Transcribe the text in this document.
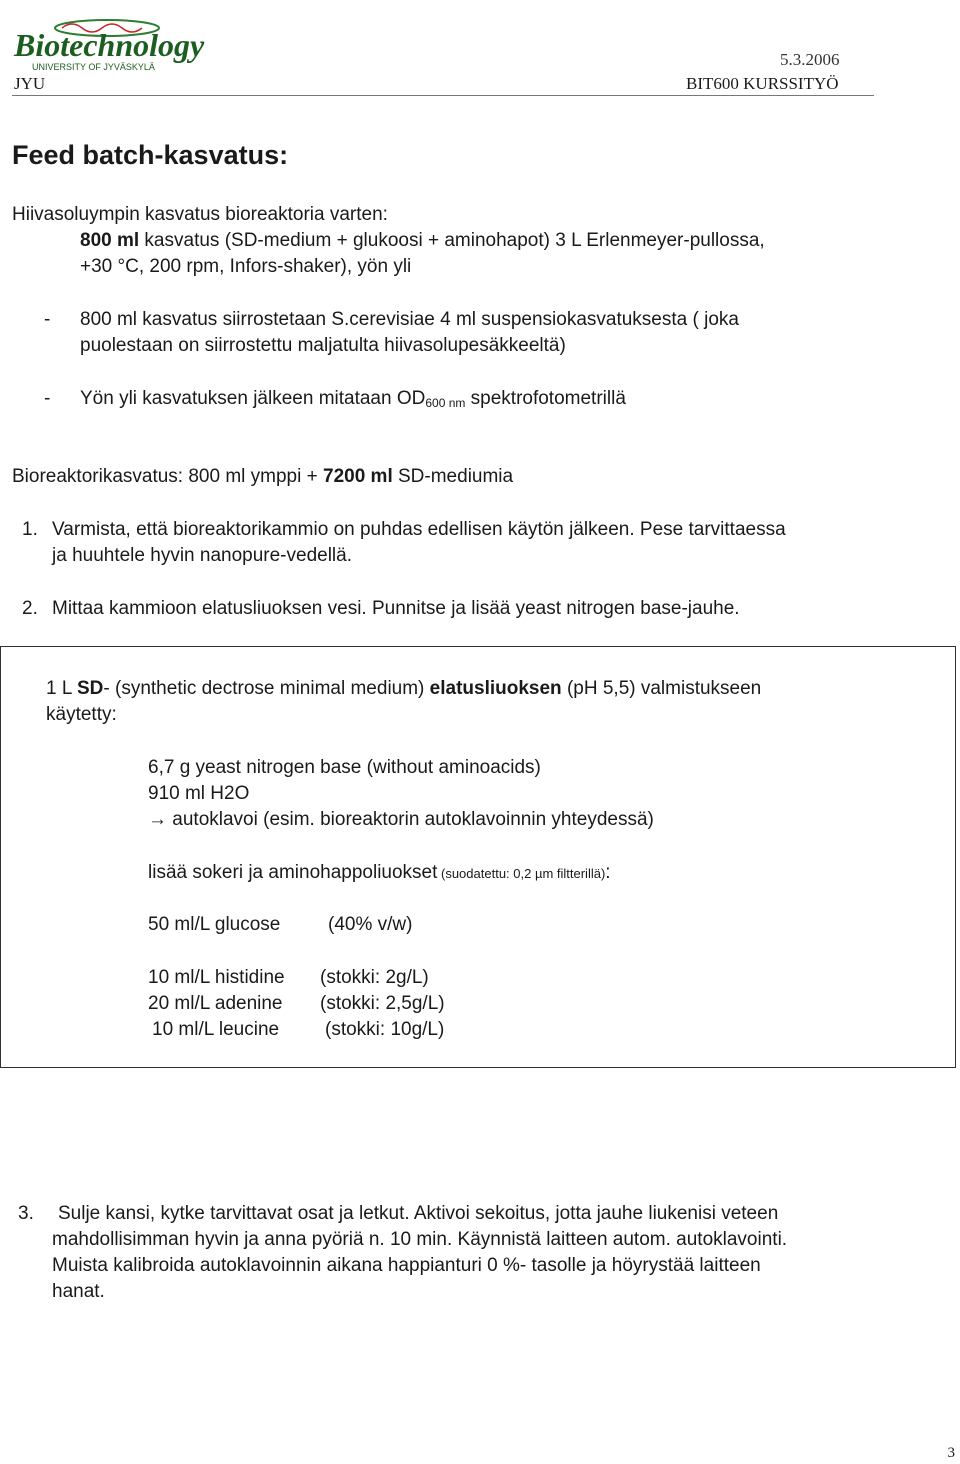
Biotechnology
UNIVERSITY OF JYVÄSKYLÄ
JYU
5.3.2006
BIT600 KURSSITYÖ
Feed batch-kasvatus:
Hiivasoluympin kasvatus bioreaktoria varten:
800 ml kasvatus (SD-medium + glukoosi + aminohapot) 3 L Erlenmeyer-pullossa,
+30 °C, 200 rpm, Infors-shaker), yön yli
- 800 ml kasvatus siirrostetaan S.cerevisiae 4 ml suspensiokasvatuksesta ( joka
puolestaan on siirrostettu maljatulta hiivasolupesäkkeeltä)
- Yön yli kasvatuksen jälkeen mitataan $OD_{600 nm}$ spektrofotometrillä
Bioreaktorikasvatus: 800 ml ymppi + 7200 ml SD-mediumia
1. Varmista, että bioreaktorikammio on puhdas edellisen käytön jälkeen. Pese tarvittaessa
ja huuhtele hyvin nanopure-vedellä.
2. Mittaa kammioon elatusliuoksen vesi. Punnitse ja lisää yeast nitrogen base-jauhe.
1 L SD- (synthetic dectrose minimal medium) elatusliuoksen (pH 5,5) valmistukseen
käytetty:
6,7 g yeast nitrogen base (without aminoacids)
910 ml H2O
→ autoklavoi (esim. bioreaktorin autoklavoinnin yhteydessä)
lisää sokeri ja aminohappoliuokset (suodatettu: 0,2 µm filtterillä):
50 ml/L glucose	(40% v/w)
10 ml/L histidine (stokki: 2g/L)
20 ml/L adenine (stokki: 2,5g/L)
10 ml/L leucine (stokki: 10g/L)
3. Sulje kansi, kytke tarvittavat osat ja letkut. Aktivoi sekoitus, jotta jauhe liukenisi veteen
mahdollisimman hyvin ja anna pyöriä n. 10 min. Käynnistä laitteen autom. autoklavointi.
Muista kalibroida autoklavoinnin aikana happianturi 0 %- tasolle ja höyrystää laitteen
hanat.
3
